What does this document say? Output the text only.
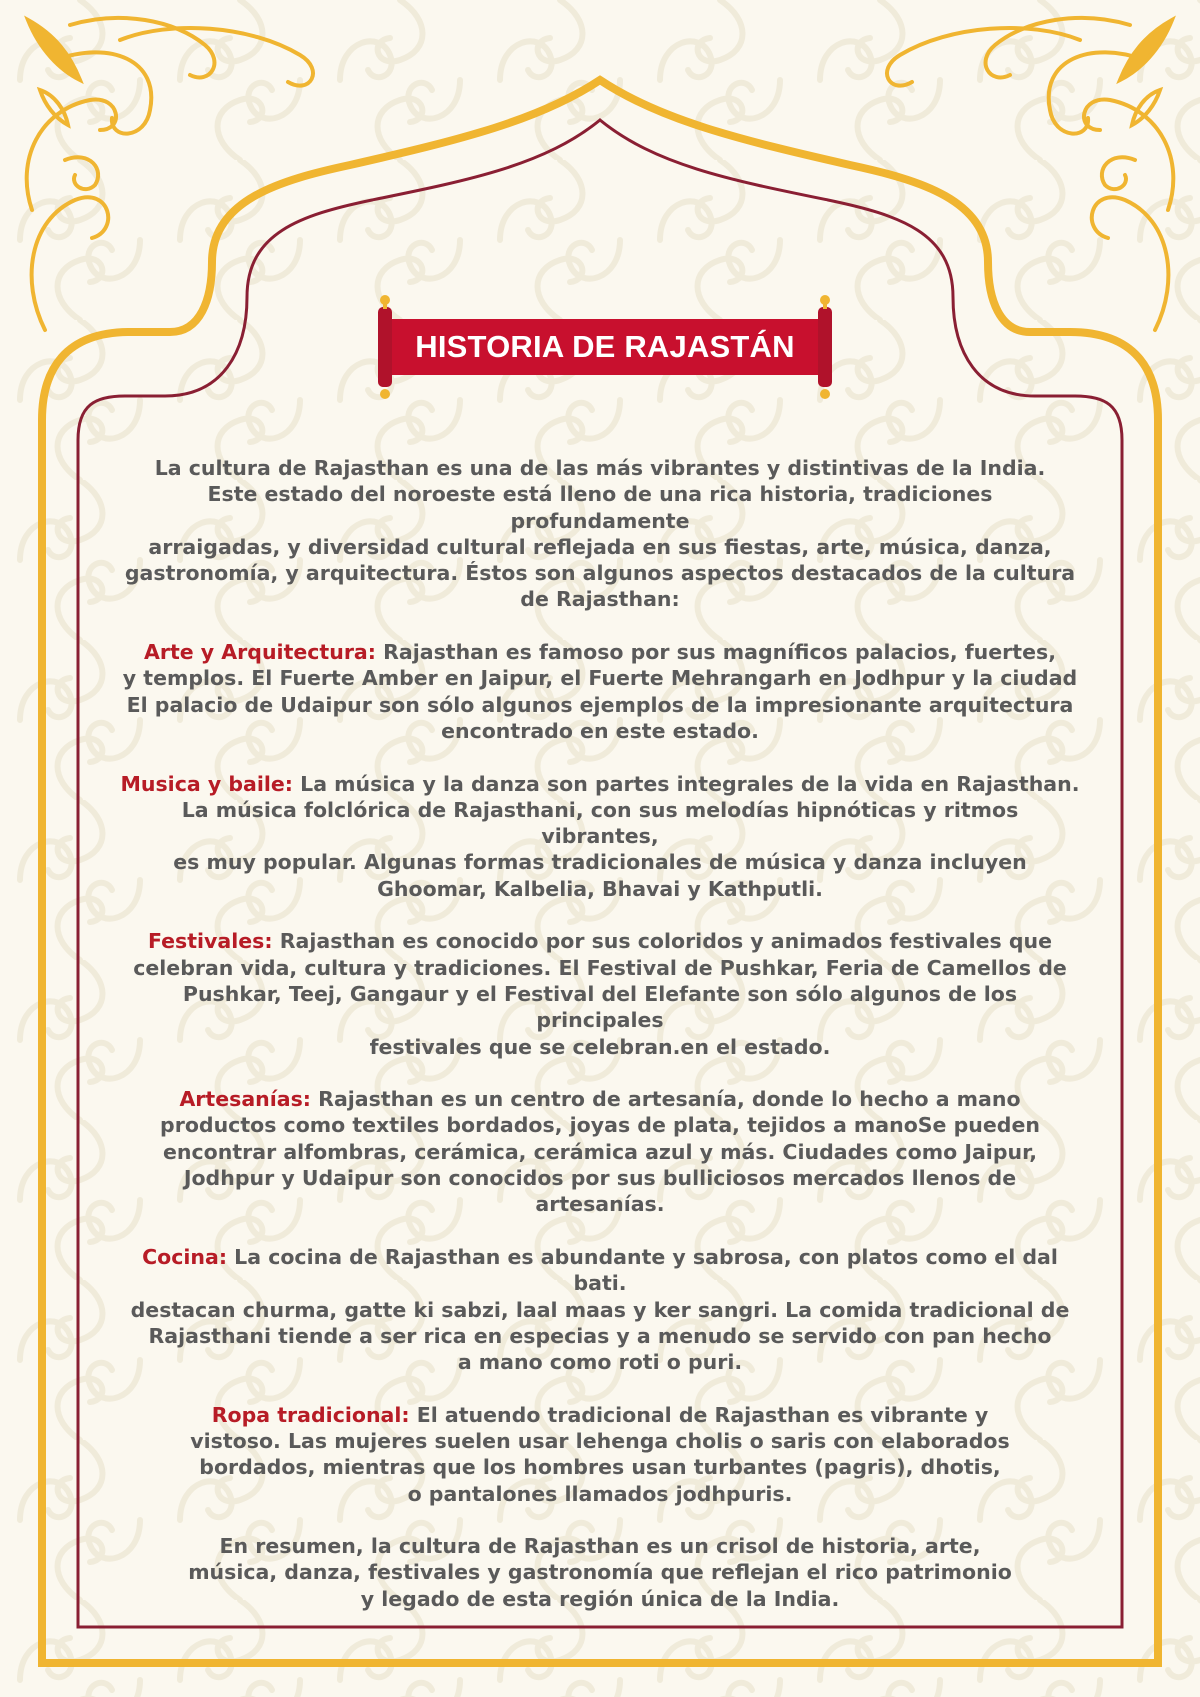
HISTORIA DE RAJASTÁN

La cultura de Rajasthan es una de las más vibrantes y distintivas de la India.
Este estado del noroeste está lleno de una rica historia, tradiciones profundamente
arraigadas, y diversidad cultural reflejada en sus fiestas, arte, música, danza,
gastronomía, y arquitectura. Éstos son algunos aspectos destacados de la cultura
de Rajasthan:

Arte y Arquitectura: Rajasthan es famoso por sus magníficos palacios, fuertes,
y templos. El Fuerte Amber en Jaipur, el Fuerte Mehrangarh en Jodhpur y la ciudad
El palacio de Udaipur son sólo algunos ejemplos de la impresionante arquitectura
encontrado en este estado.

Musica y baile: La música y la danza son partes integrales de la vida en Rajasthan.
La música folclórica de Rajasthani, con sus melodías hipnóticas y ritmos vibrantes,
es muy popular. Algunas formas tradicionales de música y danza incluyen
Ghoomar, Kalbelia, Bhavai y Kathputli.

Festivales: Rajasthan es conocido por sus coloridos y animados festivales que
celebran vida, cultura y tradiciones. El Festival de Pushkar, Feria de Camellos de
Pushkar, Teej, Gangaur y el Festival del Elefante son sólo algunos de los principales
festivales que se celebran.en el estado.

Artesanías: Rajasthan es un centro de artesanía, donde lo hecho a mano
productos como textiles bordados, joyas de plata, tejidos a manoSe pueden
encontrar alfombras, cerámica, cerámica azul y más. Ciudades como Jaipur,
Jodhpur y Udaipur son conocidos por sus bulliciosos mercados llenos de artesanías.

Cocina: La cocina de Rajasthan es abundante y sabrosa, con platos como el dal bati.
destacan churma, gatte ki sabzi, laal maas y ker sangri. La comida tradicional de
Rajasthani tiende a ser rica en especias y a menudo se servido con pan hecho
a mano como roti o puri.

Ropa tradicional: El atuendo tradicional de Rajasthan es vibrante y
vistoso. Las mujeres suelen usar lehenga cholis o saris con elaborados
bordados, mientras que los hombres usan turbantes (pagris), dhotis,
o pantalones llamados jodhpuris.

En resumen, la cultura de Rajasthan es un crisol de historia, arte,
música, danza, festivales y gastronomía que reflejan el rico patrimonio
y legado de esta región única de la India.
